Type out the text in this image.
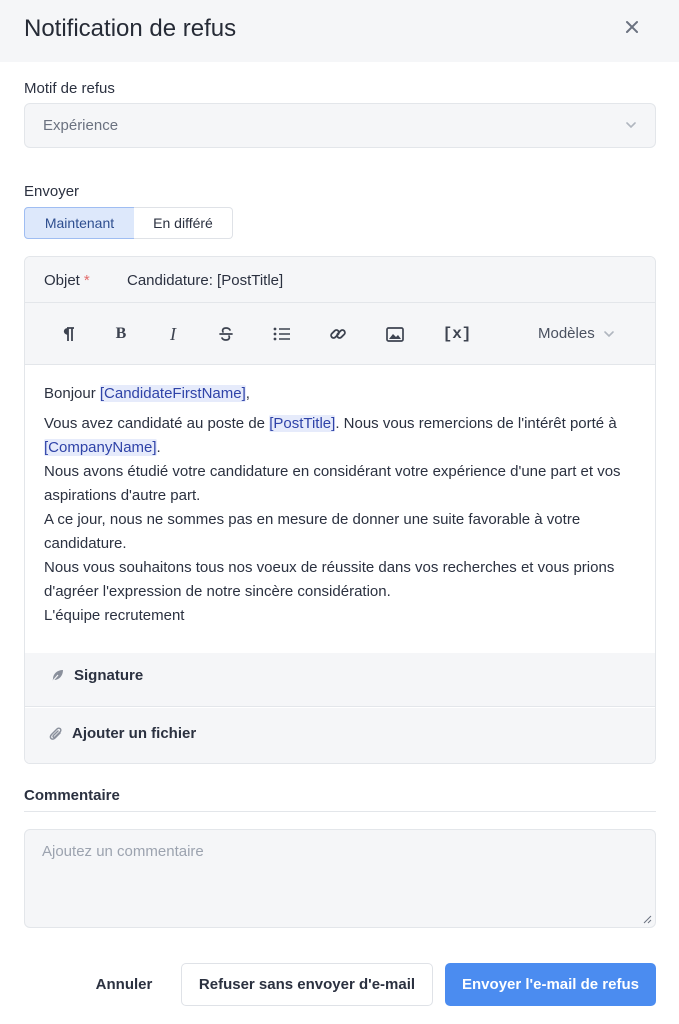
Notification de refus
Motif de refus
Expérience
Envoyer
Maintenant	En différé
Objet * Candidature: [PostTitle]
B I	[x]	Modèles
Bonjour [CandidateFirstName],
Vous avez candidaté au poste de [PostTitle]. Nous vous remercions de l'intérêt porté à [CompanyName].
Nous avons étudié votre candidature en considérant votre expérience d'une part et vos aspirations d'autre part.
A ce jour, nous ne sommes pas en mesure de donner une suite favorable à votre candidature.
Nous vous souhaitons tous nos voeux de réussite dans vos recherches et vous prions d'agréer l'expression de notre sincère considération.
L'équipe recrutement
Signature
Ajouter un fichier
Commentaire
Ajoutez un commentaire
Annuler	Refuser sans envoyer d'e-mail	Envoyer l'e-mail de refus
